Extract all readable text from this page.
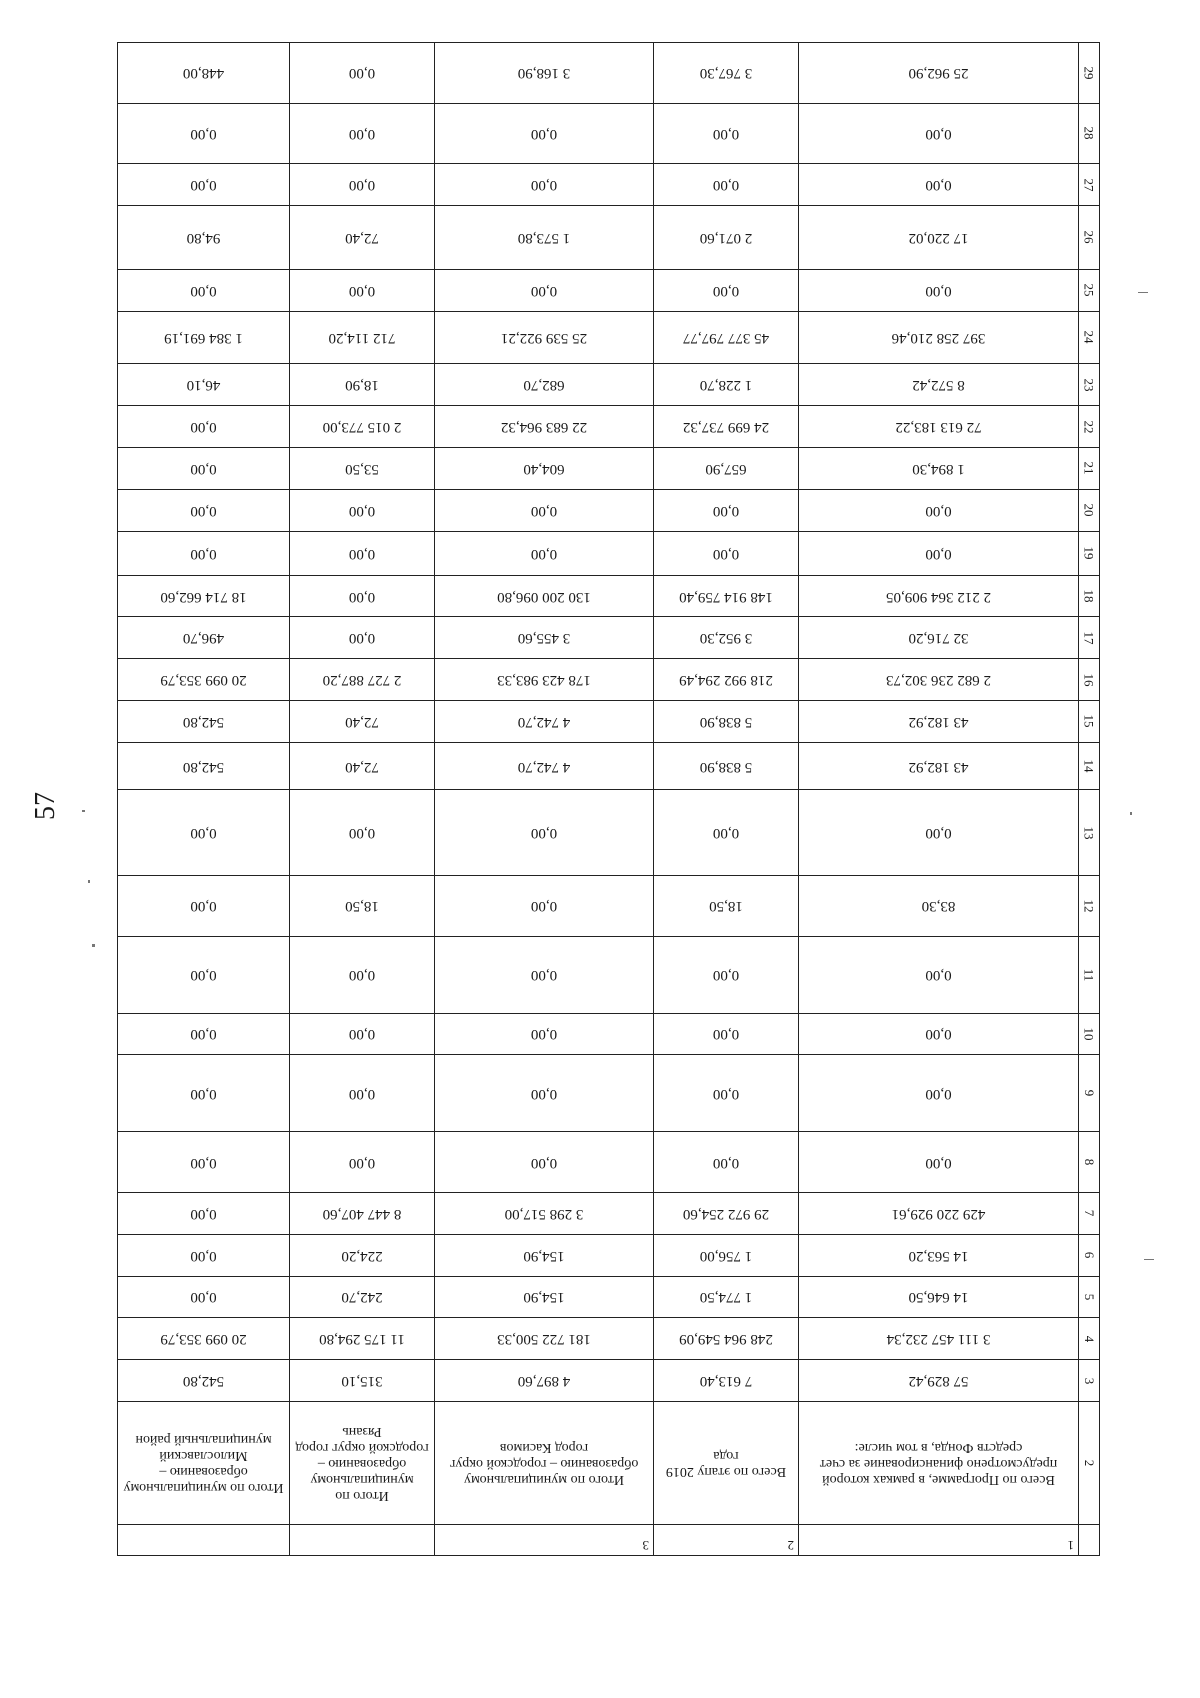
57
	1	2	3		
2	Всего по Программе, в рамках которой предусмотрено финансирование за счет средств Фонда, в том числе:	Всего по этапу 2019 года	Итого по муниципальному образованию – городской округ город Касимов	Итого по муниципальному образованию – городской округ город Рязань	Итого по муниципальному образованию – Милославский муниципальный район
3	57 829,42	7 613,40	4 897,60	315,10	542,80
4	3 111 457 232,34	248 964 549,09	181 722 500,33	11 175 294,80	20 099 353,79
5	14 646,50	1 774,50	154,90	242,70	0,00
6	14 563,20	1 756,00	154,90	224,20	0,00
7	429 220 929,61	29 972 254,60	3 298 517,00	8 447 407,60	0,00
8	0,00	0,00	0,00	0,00	0,00
9	0,00	0,00	0,00	0,00	0,00
10	0,00	0,00	0,00	0,00	0,00
11	0,00	0,00	0,00	0,00	0,00
12	83,30	18,50	0,00	18,50	0,00
13	0,00	0,00	0,00	0,00	0,00
14	43 182,92	5 838,90	4 742,70	72,40	542,80
15	43 182,92	5 838,90	4 742,70	72,40	542,80
16	2 682 236 302,73	218 992 294,49	178 423 983,33	2 727 887,20	20 099 353,79
17	32 716,20	3 952,30	3 455,60	0,00	496,70
18	2 212 364 909,05	148 914 759,40	130 200 096,80	0,00	18 714 662,60
19	0,00	0,00	0,00	0,00	0,00
20	0,00	0,00	0,00	0,00	0,00
21	1 894,30	657,90	604,40	53,50	0,00
22	72 613 183,22	24 699 737,32	22 683 964,32	2 015 773,00	0,00
23	8 572,42	1 228,70	682,70	18,90	46,10
24	397 258 210,46	45 377 797,77	25 539 922,21	712 114,20	1 384 691,19
25	0,00	0,00	0,00	0,00	0,00
26	17 220,02	2 071,60	1 573,80	72,40	94,80
27	0,00	0,00	0,00	0,00	0,00
28	0,00	0,00	0,00	0,00	0,00
29	25 962,90	3 767,30	3 168,90	0,00	448,00
